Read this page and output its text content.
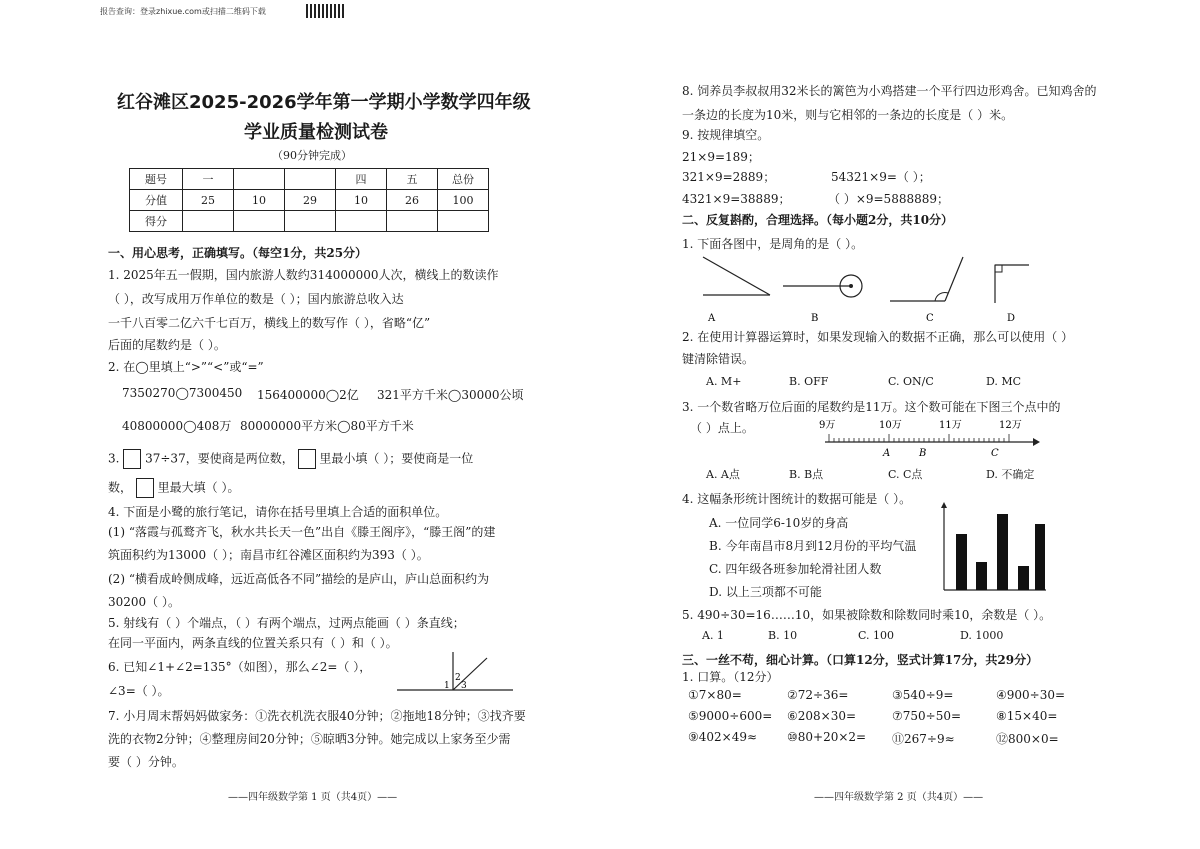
报告查询：登录zhixue.com或扫描二维码下载
红谷滩区2025-2026学年第一学期小学数学四年级
学业质量检测试卷
（90分钟完成）
题号	一			四	五	总份
分值	25	10	29	10	26	100
得分						
一、用心思考，正确填写。（每空1分，共25分）
1. 2025年五一假期，国内旅游人数约314000000人次，横线上的数读作
（ ），改写成用万作单位的数是（ ）；国内旅游总收入达
一千八百零二亿六千七百万，横线上的数写作（ ），省略“亿”
后面的尾数约是（ ）。
2. 在◯里填上“>”“<”或“=”
7350270◯7300450 156400000◯2亿 321平方千米◯30000公顷
40800000◯408万 80000000平方米◯80平方千米
3. 37÷37，要使商是两位数， 里最小填（ ）；要使商是一位
数， 里最大填（ ）。
4. 下面是小鹭的旅行笔记，请你在括号里填上合适的面积单位。
(1) “落霞与孤鹜齐飞，秋水共长天一色”出自《滕王阁序》，“滕王阁”的建
筑面积约为13000（ ）；南昌市红谷滩区面积约为393（ ）。
(2) “横看成岭侧成峰，远近高低各不同”描绘的是庐山，庐山总面积约为
30200（ ）。
5. 射线有（ ）个端点，（ ）有两个端点，过两点能画（ ）条直线；
在同一平面内，两条直线的位置关系只有（ ）和（ ）。
6. 已知∠1+∠2=135°（如图），那么∠2=（ ），
∠3=（ ）。	1
2
3
7. 小月周末帮妈妈做家务：①洗衣机洗衣服40分钟；②拖地18分钟；③找齐要
洗的衣物2分钟；④整理房间20分钟；⑤晾晒3分钟。她完成以上家务至少需
要（ ）分钟。
——四年级数学第 1 页（共4页）——
8. 饲养员李叔叔用32米长的篱笆为小鸡搭建一个平行四边形鸡舍。已知鸡舍的
一条边的长度为10米，则与它相邻的一条边的长度是（ ）米。
9. 按规律填空。
21×9=189；
321×9=2889；	54321×9=（ ）；
4321×9=38889；	（ ）×9=5888889；
二、反复斟酌，合理选择。（每小题2分，共10分）
1. 下面各图中，是周角的是（ ）。
A	B	C	D
2. 在使用计算器运算时，如果发现输入的数据不正确，那么可以使用（ ）
键清除错误。
A. M+	B. OFF	C. ON/C	D. MC
3. 一个数省略万位后面的尾数约是11万。这个数可能在下图三个点中的
（ ）点上。	9万	10万	11万	12万
A	B	C
A. A点	B. B点	C. C点	D. 不确定
4. 这幅条形统计图统计的数据可能是（ ）。
A. 一位同学6-10岁的身高
B. 今年南昌市8月到12月份的平均气温
C. 四年级各班参加轮滑社团人数
D. 以上三项都不可能
5. 490÷30=16……10，如果被除数和除数同时乘10，余数是（ ）。
A. 1	B. 10	C. 100	D. 1000
三、一丝不苟，细心计算。（口算12分，竖式计算17分，共29分）
1. 口算。（12分）
①7×80=	②72÷36=	③540÷9=	④900÷30=
⑤9000÷600= ⑥208×30=	⑦750÷50=	⑧15×40=
⑨402×49≈ ⑩80+20×2= ⑪267÷9≈	⑫800×0=
——四年级数学第 2 页（共4页）——
